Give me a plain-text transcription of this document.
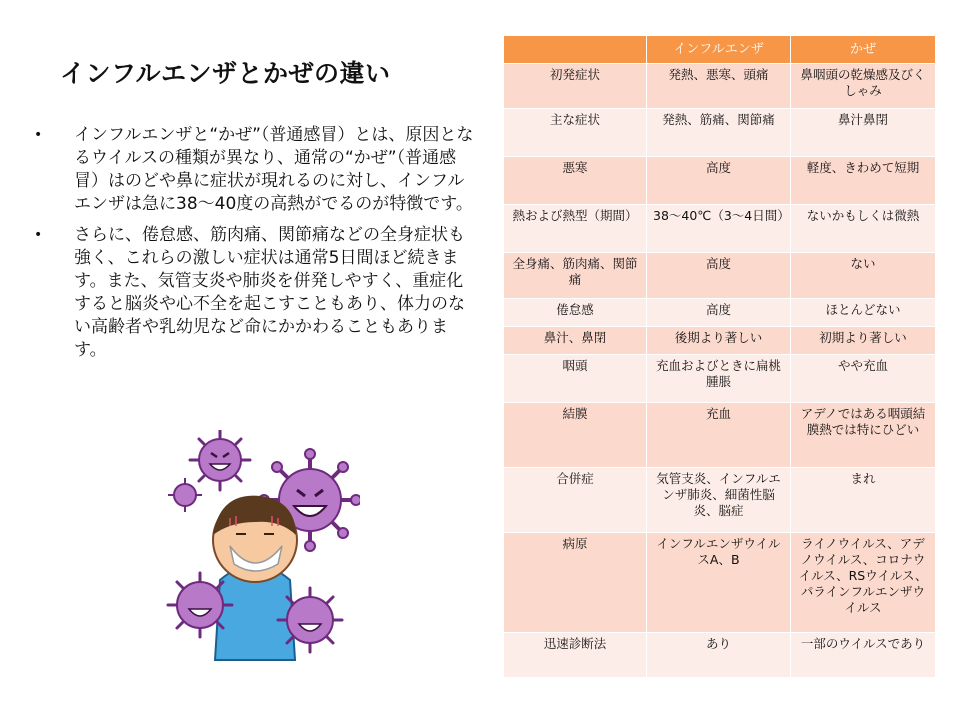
インフルエンザとかぜの違い
• インフルエンザと“かぜ”（普通感冒）とは、原因となるウイルスの種類が異なり、通常の“かぜ”（普通感冒）はのどや鼻に症状が現れるのに対し、インフルエンザは急に38～40度の高熱がでるのが特徴です。
• さらに、倦怠感、筋肉痛、関節痛などの全身症状も強く、これらの激しい症状は通常5日間ほど続きます。また、気管支炎や肺炎を併発しやすく、重症化すると脳炎や心不全を起こすこともあり、体力のない高齢者や乳幼児など命にかかわることもあります。
	インフルエンザ	かぜ
初発症状	発熱、悪寒、頭痛	鼻咽頭の乾燥感及びくしゃみ
主な症状	発熱、筋痛、関節痛	鼻汁鼻閉
悪寒	高度	軽度、きわめて短期
熱および熱型（期間）	38～40℃（3～4日間）	ないかもしくは微熱
全身痛、筋肉痛、関節痛	高度	ない
倦怠感	高度	ほとんどない
鼻汁、鼻閉	後期より著しい	初期より著しい
咽頭	充血およびときに扁桃腫脹	やや充血
結膜	充血	アデノではある咽頭結膜熱では特にひどい
合併症	気管支炎、インフルエンザ肺炎、細菌性脳炎、脳症	まれ
病原	インフルエンザウイルスA、B	ライノウイルス、アデノウイルス、コロナウイルス、RSウイルス、パラインフルエンザウイルス
迅速診断法	あり	一部のウイルスであり
